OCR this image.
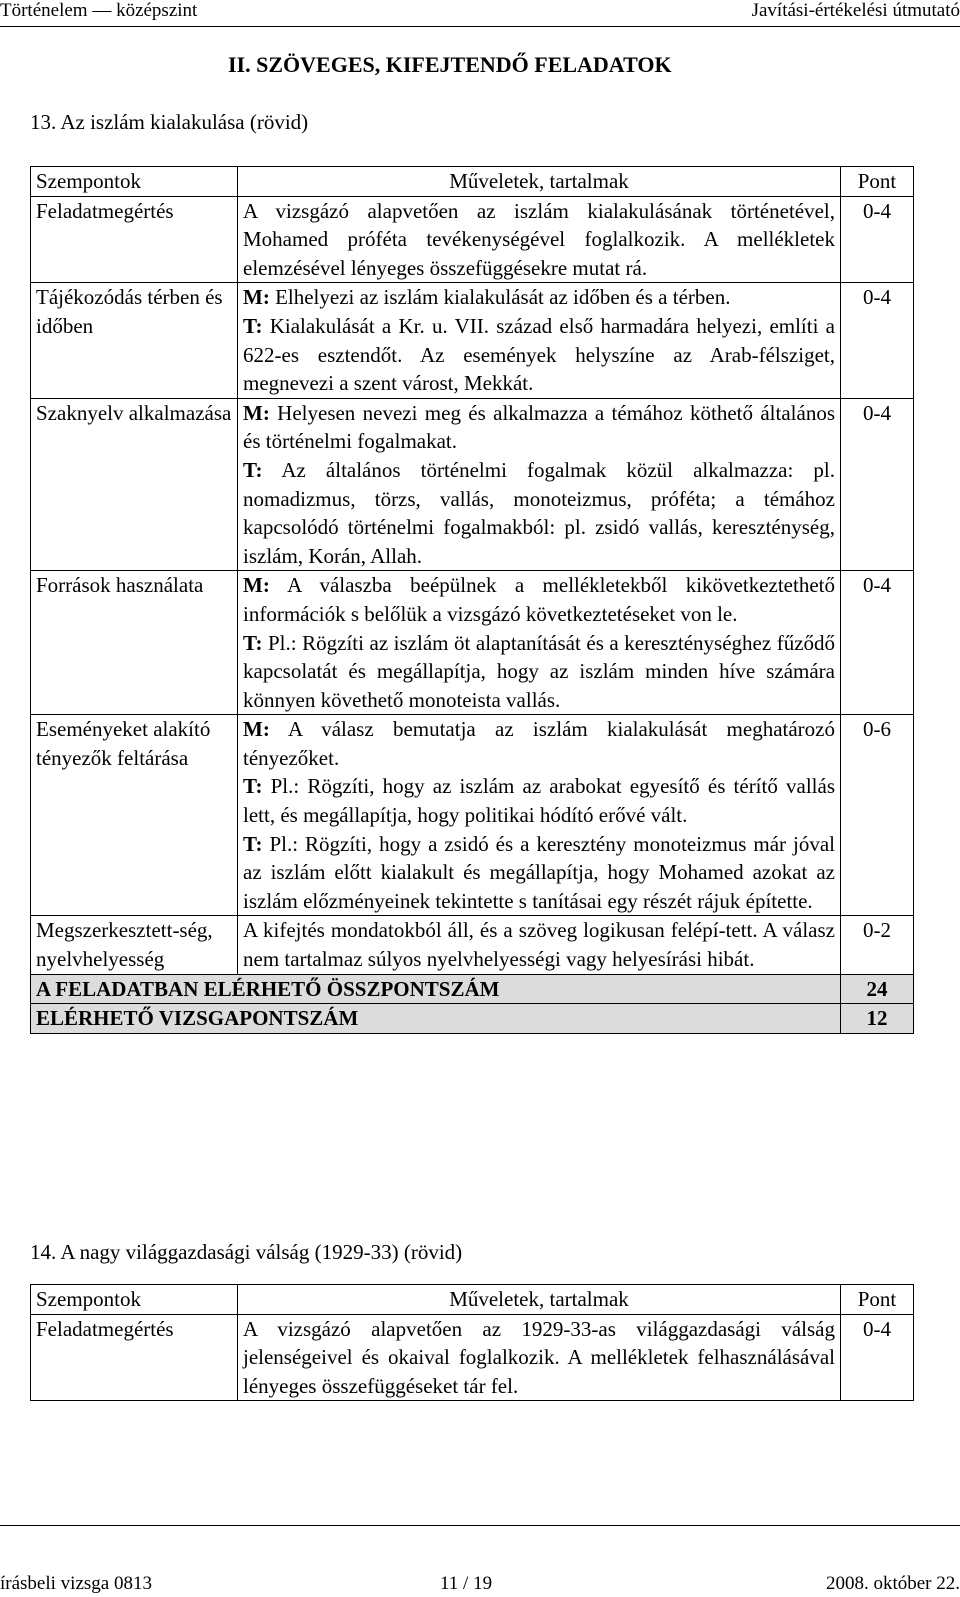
Történelem — középszint	Javítási-értékelési útmutató
II. SZÖVEGES, KIFEJTENDŐ FELADATOK
13. Az iszlám kialakulása (rövid)
Szempontok	Műveletek, tartalmak	Pont
Feladatmegértés	A vizsgázó alapvetően az iszlám kialakulásának történetével, Mohamed próféta tevékenységével foglalkozik. A mellékletek elemzésével lényeges összefüggésekre mutat rá.	0-4
Tájékozódás térben és időben	M: Elhelyezi az iszlám kialakulását az időben és a térben.
T: Kialakulását a Kr. u. VII. század első harmadára helyezi, említi a 622-es esztendőt. Az események helyszíne az Arab-félsziget, megnevezi a szent várost, Mekkát.	0-4
Szaknyelv alkalmazása	M: Helyesen nevezi meg és alkalmazza a témához köthető általános és történelmi fogalmakat.
T: Az általános történelmi fogalmak közül alkalmazza: pl. nomadizmus, törzs, vallás, monoteizmus, próféta; a témához kapcsolódó történelmi fogalmakból: pl. zsidó vallás, kereszténység, iszlám, Korán, Allah.	0-4
Források használata	M: A válaszba beépülnek a mellékletekből kikövetkeztethető információk s belőlük a vizsgázó következtetéseket von le.
T: Pl.: Rögzíti az iszlám öt alaptanítását és a kereszténységhez fűződő kapcsolatát és megállapítja, hogy az iszlám minden híve számára könnyen követhető monoteista vallás.	0-4
Eseményeket alakító tényezők feltárása	M: A válasz bemutatja az iszlám kialakulását meghatározó tényezőket.
T: Pl.: Rögzíti, hogy az iszlám az arabokat egyesítő és térítő vallás lett, és megállapítja, hogy politikai hódító erővé vált.
T: Pl.: Rögzíti, hogy a zsidó és a keresztény monoteizmus már jóval az iszlám előtt kialakult és megállapítja, hogy Mohamed azokat az iszlám előzményeinek tekintette s tanításai egy részét rájuk építette.	0-6
Megszerkesztett-ség, nyelvhelyesség	A kifejtés mondatokból áll, és a szöveg logikusan felépí-tett. A válasz nem tartalmaz súlyos nyelvhelyességi vagy helyesírási hibát.	0-2
A FELADATBAN ELÉRHETŐ ÖSSZPONTSZÁM		24
ELÉRHETŐ VIZSGAPONTSZÁM		12
14. A nagy világgazdasági válság (1929-33) (rövid)
Szempontok	Műveletek, tartalmak	Pont
Feladatmegértés	A vizsgázó alapvetően az 1929-33-as világgazdasági válság jelenségeivel és okaival foglalkozik. A mellékletek felhasználásával lényeges összefüggéseket tár fel.	0-4
írásbeli vizsga 0813	11 / 19	2008. október 22.
